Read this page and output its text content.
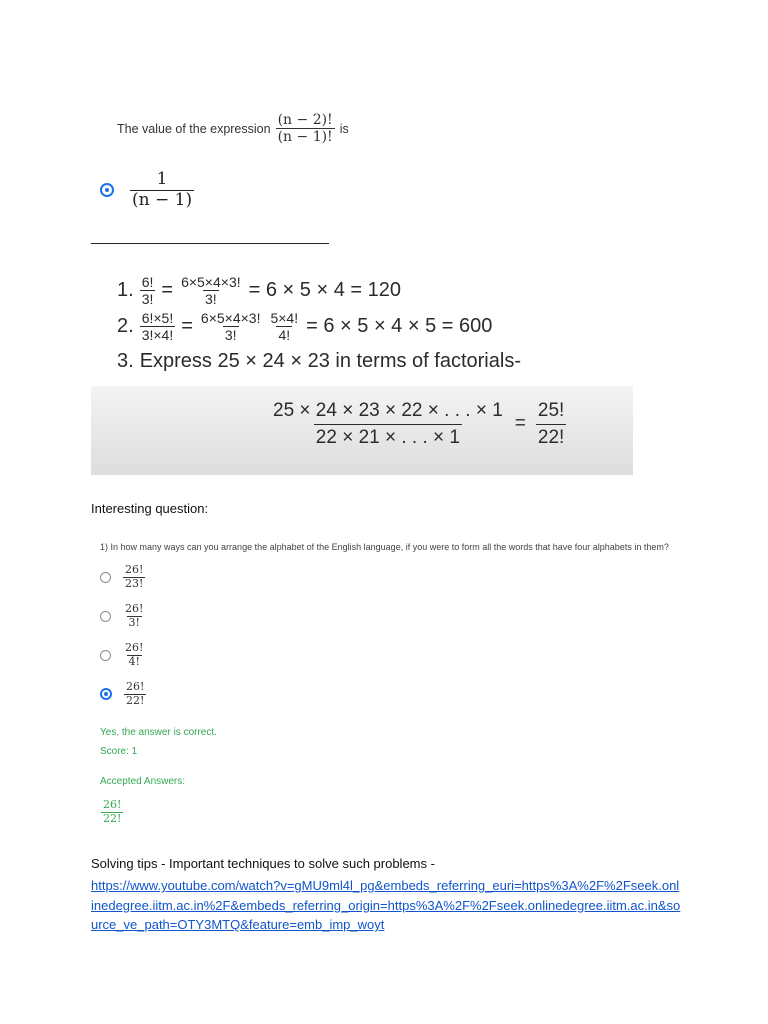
The value of the expression $\frac{(n - 2)!}{(n - 1)!}$ is
$\frac{1}{(n - 1)}$
1. $\frac{6!}{3!} = \frac{6\times 5\times 4\times 3!}{3!} = 6 \times 5 \times 4 = 120$
2. $\frac{6!\times 5!}{3!\times 4!} = \frac{6\times 5\times 4\times 3!}{3!} \frac{5\times 4!}{4!} = 6 \times 5 \times 4 \times 5 = 600$
3. Express 25 × 24 × 23 in terms of factorials-
$\frac{25 \times 24 \times 23 \times 22 \times . . . \times 1}{22 \times 21 \times . . . \times 1} = \frac{25!}{22!}$
Interesting question:
1) In how many ways can you arrange the alphabet of the English language, if you were to form all the words that have four alphabets in them?
$\frac{26!}{23!}$
$\frac{26!}{3!}$
$\frac{26!}{4!}$
$\frac{26!}{22!}$
Yes, the answer is correct.
Score: 1
Accepted Answers:
$\frac{26!}{22!}$
Solving tips - Important techniques to solve such problems -
https://www.youtube.com/watch?v=gMU9ml4l_pg&embeds_referring_euri=https%3A%2F%2Fseek.onlinedegree.iitm.ac.in%2F&embeds_referring_origin=https%3A%2F%2Fseek.onlinedegree.iitm.ac.in&source_ve_path=OTY3MTQ&feature=emb_imp_woyt
